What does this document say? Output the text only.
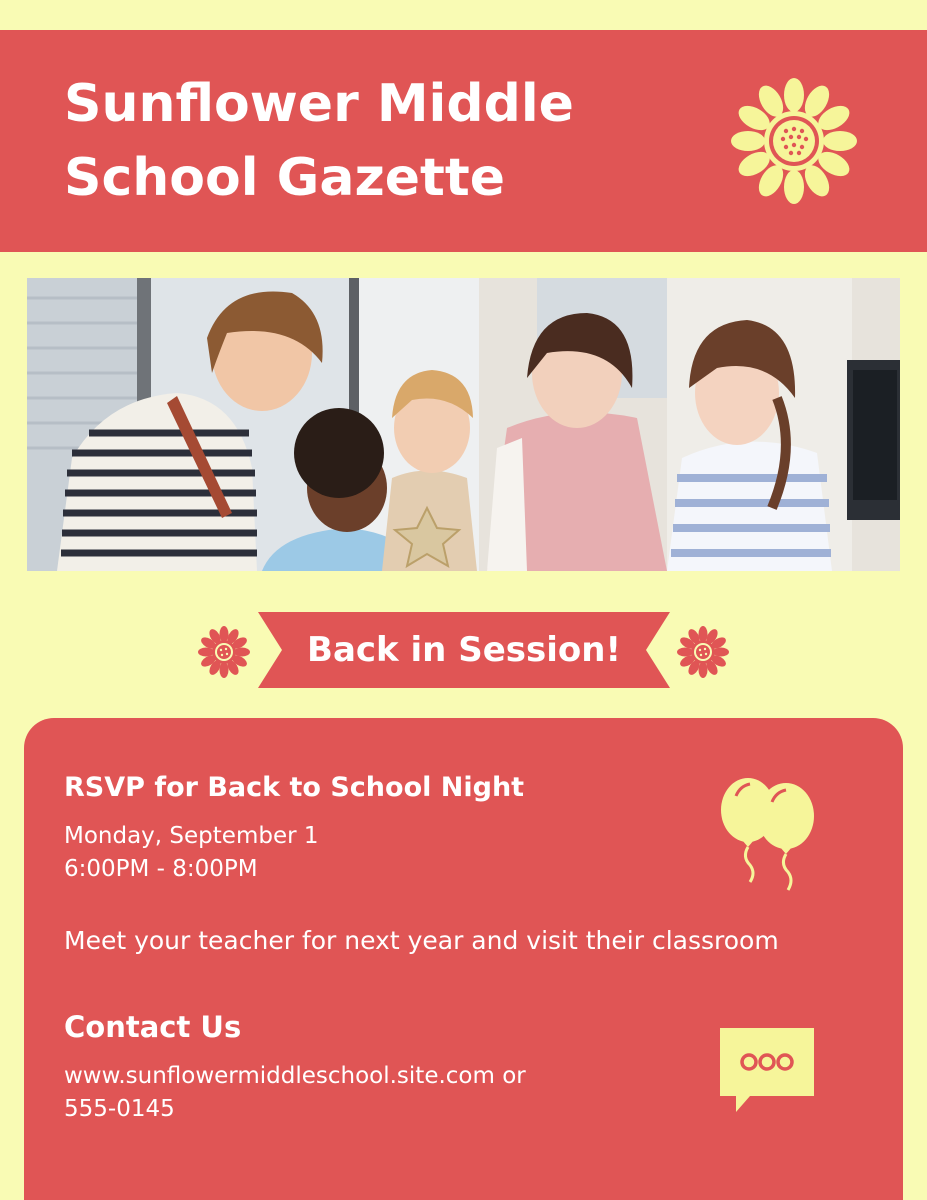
Sunflower Middle
School Gazette
Back in Session!
RSVP for Back to School Night
Monday, September 1
6:00PM - 8:00PM
Meet your teacher for next year and visit their classroom
Contact Us
www.sunflowermiddleschool.site.com or
555-0145
